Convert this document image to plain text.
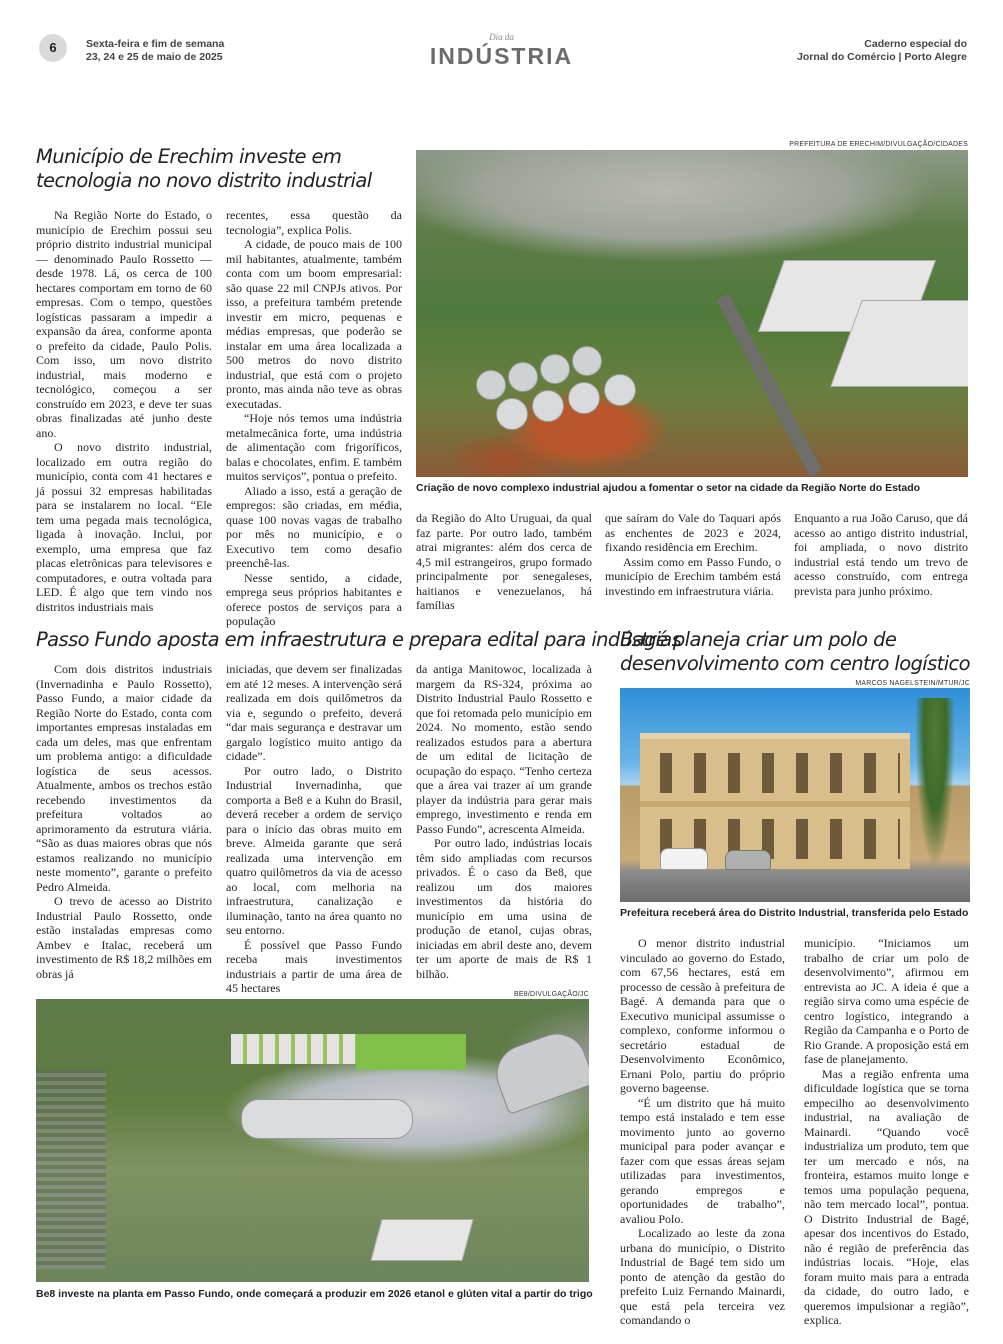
6	Sexta-feira e fim de semana
23, 24 e 25 de maio de 2025
Dia da
INDÚSTRIA	Caderno especial do
Jornal do Comércio | Porto Alegre
Município de Erechim investe em
tecnologia no novo distrito industrial
PREFEITURA DE ERECHIM/DIVULGAÇÃO/CIDADES
Criação de novo complexo industrial ajudou a fomentar o setor na cidade da Região Norte do Estado

Na Região Norte do Estado, o município de Erechim possui seu próprio distrito industrial municipal — denominado Paulo Rossetto — desde 1978. Lá, os cerca de 100 hectares comportam em torno de 60 empresas. Com o tempo, questões logísticas passaram a impedir a expansão da área, conforme aponta o prefeito da cidade, Paulo Polis. Com isso, um novo distrito industrial, mais moderno e tecnológico, começou a ser construído em 2023, e deve ter suas obras finalizadas até junho deste ano.

O novo distrito industrial, localizado em outra região do município, conta com 41 hectares e já possui 32 empresas habilitadas para se instalarem no local. “Ele tem uma pegada mais tecnológica, ligada à inovação. Inclui, por exemplo, uma empresa que faz placas eletrônicas para televisores e computadores, e outra voltada para LED. É algo que tem vindo nos distritos industriais mais

recentes, essa questão da tecnologia”, explica Polis.

A cidade, de pouco mais de 100 mil habitantes, atualmente, também conta com um boom empresarial: são quase 22 mil CNPJs ativos. Por isso, a prefeitura também pretende investir em micro, pequenas e médias empresas, que poderão se instalar em uma área localizada a 500 metros do novo distrito industrial, que está com o projeto pronto, mas ainda não teve as obras executadas.

“Hoje nós temos uma indústria metalmecânica forte, uma indústria de alimentação com frigoríficos, balas e chocolates, enfim. E também muitos serviços”, pontua o prefeito.

Aliado a isso, está a geração de empregos: são criadas, em média, quase 100 novas vagas de trabalho por mês no município, e o Executivo tem como desafio preenchê-las.

Nesse sentido, a cidade, emprega seus próprios habitantes e oferece postos de serviços para a população

da Região do Alto Uruguai, da qual faz parte. Por outro lado, também atrai migrantes: além dos cerca de 4,5 mil estrangeiros, grupo formado principalmente por senegaleses, haitianos e venezuelanos, há famílias

que saíram do Vale do Taquari após as enchentes de 2023 e 2024, fixando residência em Erechim.

Assim como em Passo Fundo, o município de Erechim também está investindo em infraestrutura viária.

Enquanto a rua João Caruso, que dá acesso ao antigo distrito industrial, foi ampliada, o novo distrito industrial está tendo um trevo de acesso construído, com entrega prevista para junho próximo.

Passo Fundo aposta em infraestrutura e prepara edital para indústrias

Com dois distritos industriais (Invernadinha e Paulo Rossetto), Passo Fundo, a maior cidade da Região Norte do Estado, conta com importantes empresas instaladas em cada um deles, mas que enfrentam um problema antigo: a dificuldade logística de seus acessos. Atualmente, ambos os trechos estão recebendo investimentos da prefeitura voltados ao aprimoramento da estrutura viária. “São as duas maiores obras que nós estamos realizando no município neste momento”, garante o prefeito Pedro Almeida.

O trevo de acesso ao Distrito Industrial Paulo Rossetto, onde estão instaladas empresas como Ambev e Italac, receberá um investimento de R$ 18,2 milhões em obras já

iniciadas, que devem ser finalizadas em até 12 meses. A intervenção será realizada em dois quilômetros da via e, segundo o prefeito, deverá “dar mais segurança e destravar um gargalo logístico muito antigo da cidade”.

Por outro lado, o Distrito Industrial Invernadinha, que comporta a Be8 e a Kuhn do Brasil, deverá receber a ordem de serviço para o início das obras muito em breve. Almeida garante que será realizada uma intervenção em quatro quilômetros da via de acesso ao local, com melhoria na infraestrutura, canalização e iluminação, tanto na área quanto no seu entorno.

É possível que Passo Fundo receba mais investimentos industriais a partir de uma área de 45 hectares

da antiga Manitowoc, localizada à margem da RS-324, próxima ao Distrito Industrial Paulo Rossetto e que foi retomada pelo município em 2024. No momento, estão sendo realizados estudos para a abertura de um edital de licitação de ocupação do espaço. “Tenho certeza que a área vai trazer aí um grande player da indústria para gerar mais emprego, investimento e renda em Passo Fundo”, acrescenta Almeida.

Por outro lado, indústrias locais têm sido ampliadas com recursos privados. É o caso da Be8, que realizou um dos maiores investimentos da história do município em uma usina de produção de etanol, cujas obras, iniciadas em abril deste ano, devem ter um aporte de mais de R$ 1 bilhão.

BE8/DIVULGAÇÃO/JC
Be8 investe na planta em Passo Fundo, onde começará a produzir em 2026 etanol e glúten vital a partir do trigo
Bagé planeja criar um polo de
desenvolvimento com centro logístico
MARCOS NAGELSTEIN/MTUR/JC
Prefeitura receberá área do Distrito Industrial, transferida pelo Estado

O menor distrito industrial vinculado ao governo do Estado, com 67,56 hectares, está em processo de cessão à prefeitura de Bagé. A demanda para que o Executivo municipal assumisse o complexo, conforme informou o secretário estadual de Desenvolvimento Econômico, Ernani Polo, partiu do próprio governo bageense.

“É um distrito que há muito tempo está instalado e tem esse movimento junto ao governo municipal para poder avançar e fazer com que essas áreas sejam utilizadas para investimentos, gerando empregos e oportunidades de trabalho”, avaliou Polo.

Localizado ao leste da zona urbana do município, o Distrito Industrial de Bagé tem sido um ponto de atenção da gestão do prefeito Luiz Fernando Mainardi, que está pela terceira vez comandando o

município. “Iniciamos um trabalho de criar um polo de desenvolvimento”, afirmou em entrevista ao JC. A ideia é que a região sirva como uma espécie de centro logístico, integrando a Região da Campanha e o Porto de Rio Grande. A proposição está em fase de planejamento.

Mas a região enfrenta uma dificuldade logística que se torna empecilho ao desenvolvimento industrial, na avaliação de Mainardi. “Quando você industrializa um produto, tem que ter um mercado e nós, na fronteira, estamos muito longe e temos uma população pequena, não tem mercado local”, pontua. O Distrito Industrial de Bagé, apesar dos incentivos do Estado, não é região de preferência das indústrias locais. “Hoje, elas foram muito mais para a entrada da cidade, do outro lado, e queremos impulsionar a região”, explica.
